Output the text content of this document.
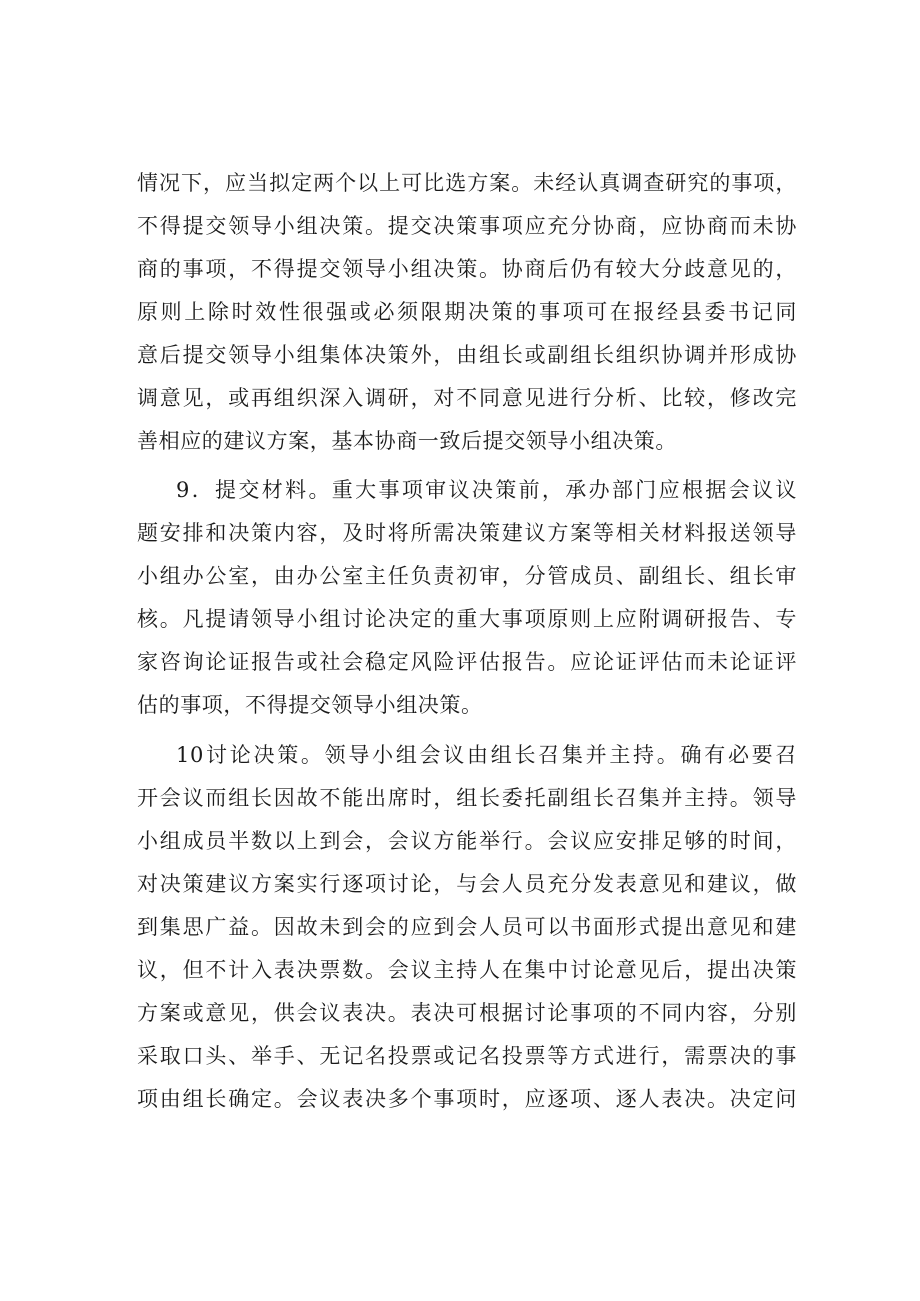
情况下，应当拟定两个以上可比选方案。未经认真调查研究的事项，
不得提交领导小组决策。提交决策事项应充分协商，应协商而未协
商的事项，不得提交领导小组决策。协商后仍有较大分歧意见的，
原则上除时效性很强或必须限期决策的事项可在报经县委书记同
意后提交领导小组集体决策外，由组长或副组长组织协调并形成协
调意见，或再组织深入调研，对不同意见进行分析、比较，修改完
善相应的建议方案，基本协商一致后提交领导小组决策。
9．提交材料。重大事项审议决策前，承办部门应根据会议议
题安排和决策内容，及时将所需决策建议方案等相关材料报送领导
小组办公室，由办公室主任负责初审，分管成员、副组长、组长审
核。凡提请领导小组讨论决定的重大事项原则上应附调研报告、专
家咨询论证报告或社会稳定风险评估报告。应论证评估而未论证评
估的事项，不得提交领导小组决策。
10讨论决策。领导小组会议由组长召集并主持。确有必要召
开会议而组长因故不能出席时，组长委托副组长召集并主持。领导
小组成员半数以上到会，会议方能举行。会议应安排足够的时间，
对决策建议方案实行逐项讨论，与会人员充分发表意见和建议，做
到集思广益。因故未到会的应到会人员可以书面形式提出意见和建
议，但不计入表决票数。会议主持人在集中讨论意见后，提出决策
方案或意见，供会议表决。表决可根据讨论事项的不同内容，分别
采取口头、举手、无记名投票或记名投票等方式进行，需票决的事
项由组长确定。会议表决多个事项时，应逐项、逐人表决。决定问
